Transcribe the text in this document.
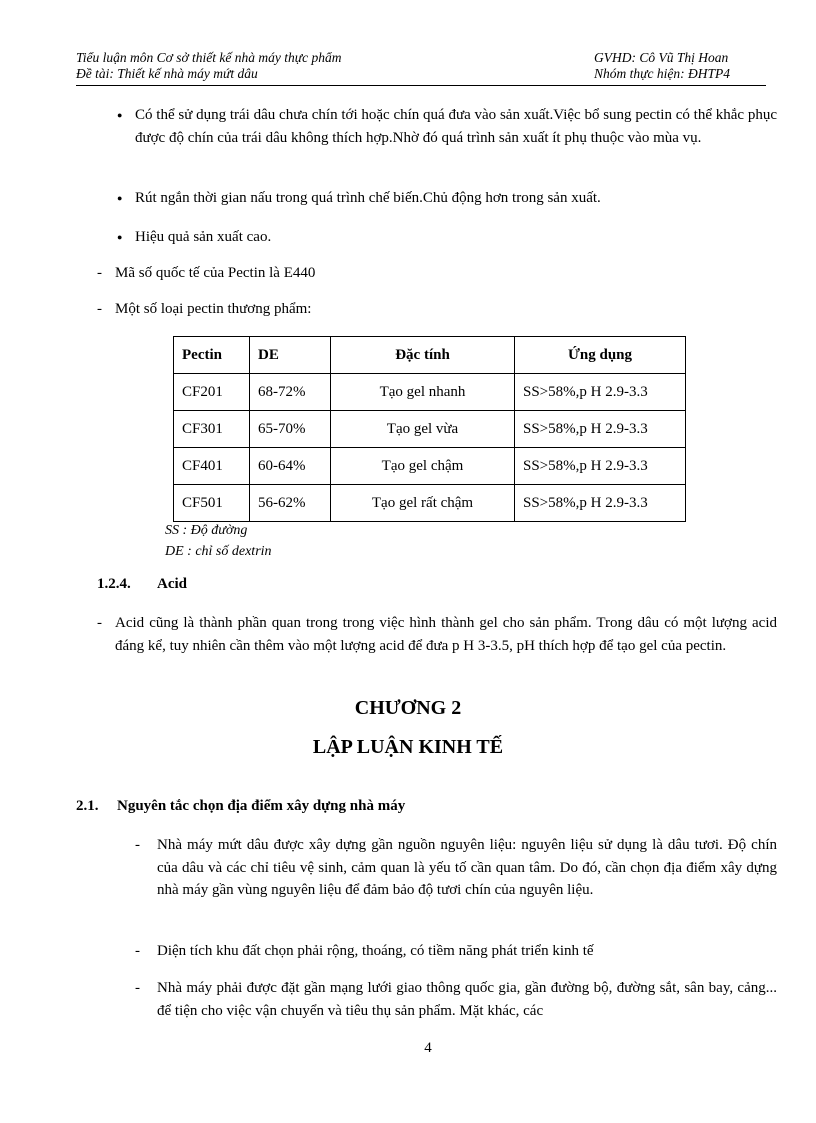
Tiểu luận môn Cơ sở thiết kế nhà máy thực phẩm	GVHD: Cô Vũ Thị Hoan
Đề tài: Thiết kế nhà máy mứt dâu	Nhóm thực hiện: ĐHTP4
● Có thể sử dụng trái dâu chưa chín tới hoặc chín quá đưa vào sản xuất.Việc bổ sung pectin có thể khắc phục được độ chín của trái dâu không thích hợp.Nhờ đó quá trình sản xuất ít phụ thuộc vào mùa vụ.
● Rút ngắn thời gian nấu trong quá trình chế biến.Chủ động hơn trong sản xuất.
● Hiệu quả sản xuất cao.
- Mã số quốc tế của Pectin là E440
- Một số loại pectin thương phẩm:
Pectin	DE	Đặc tính	Ứng dụng
CF201	68-72%	Tạo gel nhanh	SS>58%,p H 2.9-3.3
CF301	65-70%	Tạo gel vừa	SS>58%,p H 2.9-3.3
CF401	60-64%	Tạo gel chậm	SS>58%,p H 2.9-3.3
CF501	56-62%	Tạo gel rất chậm	SS>58%,p H 2.9-3.3
SS : Độ đường
DE : chỉ số dextrin
1.2.4. Acid
- Acid cũng là thành phần quan trong trong việc hình thành gel cho sản phẩm. Trong dâu có một lượng acid đáng kể, tuy nhiên cần thêm vào một lượng acid để đưa p H 3-3.5, pH thích hợp để tạo gel của pectin.
CHƯƠNG 2
LẬP LUẬN KINH TẾ
2.1. Nguyên tắc chọn địa điểm xây dựng nhà máy
- Nhà máy mứt dâu được xây dựng gần nguồn nguyên liệu: nguyên liệu sử dụng là dâu tươi. Độ chín của dâu và các chỉ tiêu vệ sinh, cảm quan là yếu tố cần quan tâm. Do đó, cần chọn địa điểm xây dựng nhà máy gần vùng nguyên liệu để đảm bảo độ tươi chín của nguyên liệu.
- Diện tích khu đất chọn phải rộng, thoáng, có tiềm năng phát triển kinh tế
- Nhà máy phải được đặt gần mạng lưới giao thông quốc gia, gần đường bộ, đường sắt, sân bay, cảng... để tiện cho việc vận chuyển và tiêu thụ sản phẩm. Mặt khác, các
4
